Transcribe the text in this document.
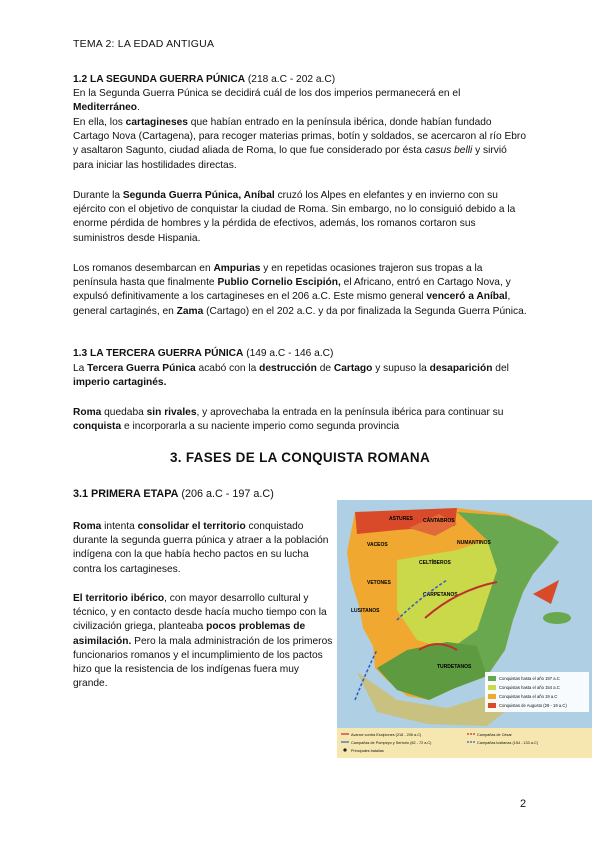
TEMA 2: LA EDAD ANTIGUA
1.2 LA SEGUNDA GUERRA PÚNICA (218 a.C - 202 a.C)

En la Segunda Guerra Púnica se decidirá cuál de los dos imperios permanecerá en el Mediterráneo.

En ella, los cartagineses que habían entrado en la península ibérica, donde habían fundado Cartago Nova (Cartagena), para recoger materias primas, botín y soldados, se acercaron al río Ebro y asaltaron Sagunto, ciudad aliada de Roma, lo que fue considerado por ésta casus belli y sirvió para iniciar las hostilidades directas.

Durante la Segunda Guerra Púnica, Aníbal cruzó los Alpes en elefantes y en invierno con su ejército con el objetivo de conquistar la ciudad de Roma. Sin embargo, no lo consiguió debido a la enorme pérdida de hombres y la pérdida de efectivos, además, los romanos cortaron sus suministros desde Hispania.

Los romanos desembarcan en Ampurias y en repetidas ocasiones trajeron sus tropas a la península hasta que finalmente Publio Cornelio Escipión, el Africano, entró en Cartago Nova, y expulsó definitivamente a los cartagineses en el 206 a.C. Este mismo general venceró a Aníbal, general cartaginés, en Zama (Cartago) en el 202 a.C. y da por finalizada la Segunda Guerra Púnica.

1.3 LA TERCERA GUERRA PÚNICA (149 a.C - 146 a.C)

La Tercera Guerra Púnica acabó con la destrucción de Cartago y supuso la desaparición del imperio cartaginés.

Roma quedaba sin rivales, y aprovechaba la entrada en la península ibérica para continuar su conquista e incorporarla a su naciente imperio como segunda provincia

3. FASES DE LA CONQUISTA ROMANA
3.1 PRIMERA ETAPA (206 a.C - 197 a.C)

Roma intenta consolidar el territorio conquistado durante la segunda guerra púnica y atraer a la población indígena con la que había hecho pactos en su lucha contra los cartagineses.

El territorio ibérico, con mayor desarrollo cultural y técnico, y en contacto desde hacía mucho tiempo con la civilización griega, planteaba pocos problemas de asimilación. Pero la mala administración de los primeros funcionarios romanos y el incumplimiento de los pactos hizo que la resistencia de los indígenas fuera muy grande.

ASTURES CÁNTABROS
VACEOS
CELTÍBEROS
VETONES
LUSITANOS
CARPETANOS
TURDETANOS
NUMANTINOS
Conquistas hasta el año 197 a.C
Conquistas hasta el año 154 a.C
Conquistas hasta el año 19 a.C
Conquistas de Augusto (29 - 19 a.C)
Avance contra Escipiones (218 - 206 a.C)	Campañas de César
Campañas de Pompeyo y Sertorio (82 - 72 a.C)	Campañas lusitanas (154 - 133 a.C)
Principales batallas
2
